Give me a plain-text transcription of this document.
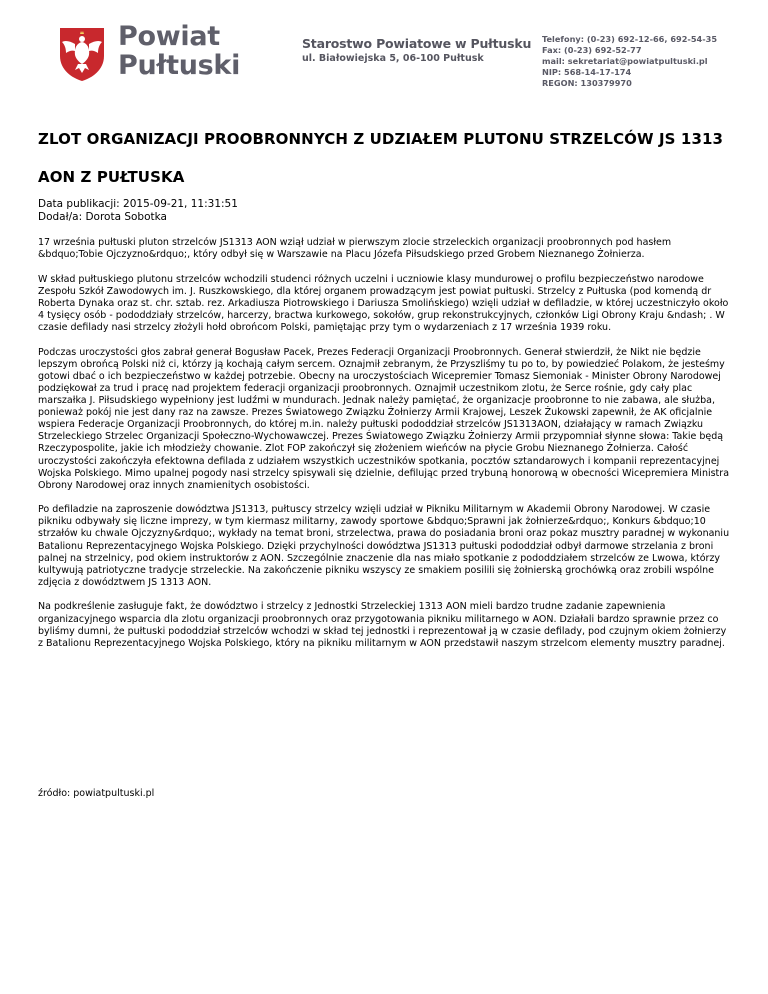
Powiat
Pułtuski
Starostwo Powiatowe w Pułtusku
ul. Białowiejska 5, 06-100 Pułtusk
Telefony: (0-23) 692-12-66, 692-54-35
Fax: (0-23) 692-52-77
mail: sekretariat@powiatpultuski.pl
NIP: 568-14-17-174
REGON: 130379970
ZLOT ORGANIZACJI PROOBRONNYCH Z UDZIAŁEM PLUTONU STRZELCÓW JS 1313 AON Z PUŁTUSKA
Data publikacji: 2015-09-21, 11:31:51
Dodał/a: Dorota Sobotka

17 września pułtuski pluton strzelców JS1313 AON wziął udział w pierwszym zlocie strzeleckich organizacji proobronnych pod hasłem &bdquo;Tobie Ojczyzno&rdquo;, który odbył się w Warszawie na Placu Józefa Piłsudskiego przed Grobem Nieznanego Żołnierza.

W skład pułtuskiego plutonu strzelców wchodzili studenci różnych uczelni i uczniowie klasy mundurowej o profilu bezpieczeństwo narodowe Zespołu Szkół Zawodowych im. J. Ruszkowskiego, dla której organem prowadzącym jest powiat pułtuski. Strzelcy z Pułtuska (pod komendą dr Roberta Dynaka oraz st. chr. sztab. rez. Arkadiusza Piotrowskiego i Dariusza Smolińskiego) wzięli udział w defiladzie, w której uczestniczyło około 4 tysięcy osób - pododdziały strzelców, harcerzy, bractwa kurkowego, sokołów, grup rekonstrukcyjnych, członków Ligi Obrony Kraju &ndash; . W czasie defilady nasi strzelcy złożyli hołd obrońcom Polski, pamiętając przy tym o wydarzeniach z 17 września 1939 roku.

Podczas uroczystości głos zabrał generał Bogusław Pacek, Prezes Federacji Organizacji Proobronnych. Generał stwierdził, że Nikt nie będzie lepszym obrońcą Polski niż ci, którzy ją kochają całym sercem. Oznajmił zebranym, że Przyszliśmy tu po to, by powiedzieć Polakom, że jesteśmy gotowi dbać o ich bezpieczeństwo w każdej potrzebie. Obecny na uroczystościach Wicepremier Tomasz Siemoniak - Minister Obrony Narodowej podziękował za trud i pracę nad projektem federacji organizacji proobronnych. Oznajmił uczestnikom zlotu, że Serce rośnie, gdy cały plac marszałka J. Piłsudskiego wypełniony jest ludźmi w mundurach. Jednak należy pamiętać, że organizacje proobronne to nie zabawa, ale służba, ponieważ pokój nie jest dany raz na zawsze. Prezes Światowego Związku Żołnierzy Armii Krajowej, Leszek Żukowski zapewnił, że AK oficjalnie wspiera Federacje Organizacji Proobronnych, do której m.in. należy pułtuski pododdział strzelców JS1313AON, działający w ramach Związku Strzeleckiego Strzelec Organizacji Społeczno-Wychowawczej. Prezes Światowego Związku Żołnierzy Armii przypomniał słynne słowa: Takie będą Rzeczypospolite, jakie ich młodzieży chowanie. Zlot FOP zakończył się złożeniem wieńców na płycie Grobu Nieznanego Żołnierza. Całość uroczystości zakończyła efektowna defilada z udziałem wszystkich uczestników spotkania, pocztów sztandarowych i kompanii reprezentacyjnej Wojska Polskiego. Mimo upalnej pogody nasi strzelcy spisywali się dzielnie, defilując przed trybuną honorową w obecności Wicepremiera Ministra Obrony Narodowej oraz innych znamienitych osobistości.

Po defiladzie na zaproszenie dowództwa JS1313, pułtuscy strzelcy wzięli udział w Pikniku Militarnym w Akademii Obrony Narodowej. W czasie pikniku odbywały się liczne imprezy, w tym kiermasz militarny, zawody sportowe &bdquo;Sprawni jak żołnierze&rdquo;, Konkurs &bdquo;10 strzałów ku chwale Ojczyzny&rdquo;, wykłady na temat broni, strzelectwa, prawa do posiadania broni oraz pokaz musztry paradnej w wykonaniu Batalionu Reprezentacyjnego Wojska Polskiego. Dzięki przychylności dowództwa JS1313 pułtuski pododdział odbył darmowe strzelania z broni palnej na strzelnicy, pod okiem instruktorów z AON. Szczególnie znaczenie dla nas miało spotkanie z pododdziałem strzelców ze Lwowa, którzy kultywują patriotyczne tradycje strzeleckie. Na zakończenie pikniku wszyscy ze smakiem posilili się żołnierską grochówką oraz zrobili wspólne zdjęcia z dowództwem JS 1313 AON.

Na podkreślenie zasługuje fakt, że dowództwo i strzelcy z Jednostki Strzeleckiej 1313 AON mieli bardzo trudne zadanie zapewnienia organizacyjnego wsparcia dla zlotu organizacji proobronnych oraz przygotowania pikniku militarnego w AON. Działali bardzo sprawnie przez co byliśmy dumni, że pułtuski pododdział strzelców wchodzi w skład tej jednostki i reprezentował ją w czasie defilady, pod czujnym okiem żołnierzy z Batalionu Reprezentacyjnego Wojska Polskiego, który na pikniku militarnym w AON przedstawił naszym strzelcom elementy musztry paradnej.

źródło: powiatpultuski.pl
